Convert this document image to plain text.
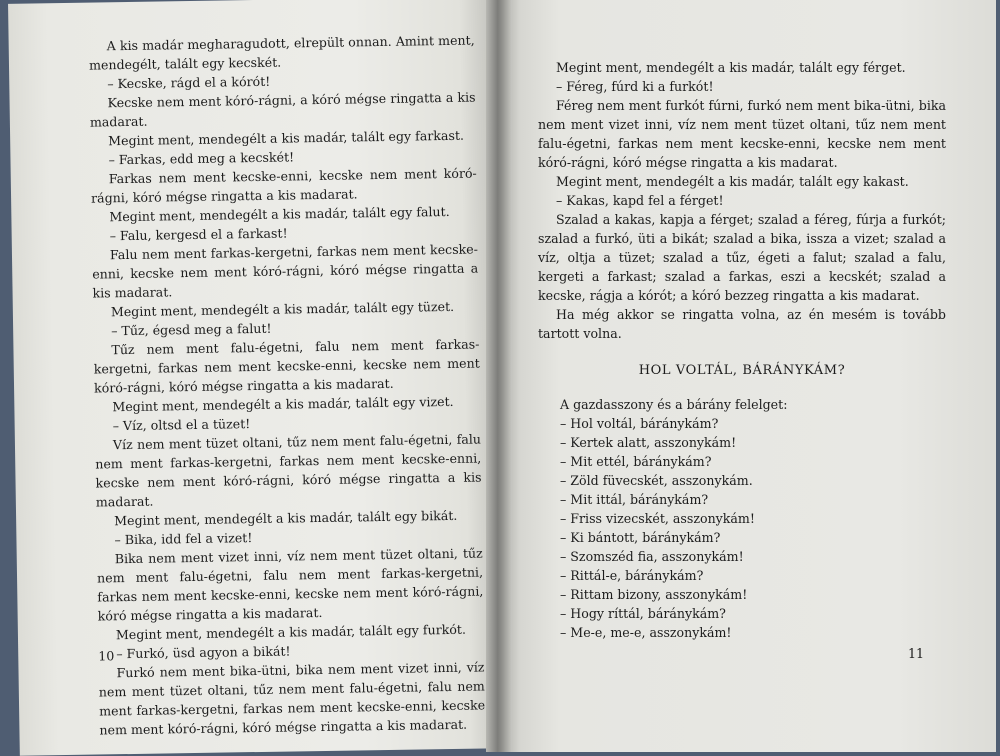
A kis madár megharagudott, elrepült onnan. Amint ment, mendegélt, talált egy kecskét.

– Kecske, rágd el a kórót!

Kecske nem ment kóró-rágni, a kóró mégse ringatta a kis madarat.

Megint ment, mendegélt a kis madár, talált egy farkast.

– Farkas, edd meg a kecskét!

Farkas nem ment kecske-enni, kecske nem ment kóró-rágni, kóró mégse ringatta a kis madarat.

Megint ment, mendegélt a kis madár, talált egy falut.

– Falu, kergesd el a farkast!

Falu nem ment farkas-kergetni, farkas nem ment kecske-enni, kecske nem ment kóró-rágni, kóró mégse ringatta a kis madarat.

Megint ment, mendegélt a kis madár, talált egy tüzet.

– Tűz, égesd meg a falut!

Tűz nem ment falu-égetni, falu nem ment farkas-kergetni, farkas nem ment kecske-enni, kecske nem ment kóró-rágni, kóró mégse ringatta a kis madarat.

Megint ment, mendegélt a kis madár, talált egy vizet.

– Víz, oltsd el a tüzet!

Víz nem ment tüzet oltani, tűz nem ment falu-égetni, falu nem ment farkas-kergetni, farkas nem ment kecske-enni, kecske nem ment kóró-rágni, kóró mégse ringatta a kis madarat.

Megint ment, mendegélt a kis madár, talált egy bikát.

– Bika, idd fel a vizet!

Bika nem ment vizet inni, víz nem ment tüzet oltani, tűz nem ment falu-égetni, falu nem ment farkas-kergetni, farkas nem ment kecske-enni, kecske nem ment kóró-rágni, kóró mégse ringatta a kis madarat.

Megint ment, mendegélt a kis madár, talált egy furkót.

– Furkó, üsd agyon a bikát!

Furkó nem ment bika-ütni, bika nem ment vizet inni, víz nem ment tüzet oltani, tűz nem ment falu-égetni, falu nem ment farkas-kergetni, farkas nem ment kecske-enni, kecske nem ment kóró-rágni, kóró mégse ringatta a kis madarat.

10

Megint ment, mendegélt a kis madár, talált egy férget.

– Féreg, fúrd ki a furkót!

Féreg nem ment furkót fúrni, furkó nem ment bika-ütni, bika nem ment vizet inni, víz nem ment tüzet oltani, tűz nem ment falu-égetni, farkas nem ment kecske-enni, kecske nem ment kóró-rágni, kóró mégse ringatta a kis madarat.

Megint ment, mendegélt a kis madár, talált egy kakast.

– Kakas, kapd fel a férget!

Szalad a kakas, kapja a férget; szalad a féreg, fúrja a furkót; szalad a furkó, üti a bikát; szalad a bika, issza a vizet; szalad a víz, oltja a tüzet; szalad a tűz, égeti a falut; szalad a falu, kergeti a farkast; szalad a farkas, eszi a kecskét; szalad a kecske, rágja a kórót; a kóró bezzeg ringatta a kis madarat.

Ha még akkor se ringatta volna, az én mesém is tovább tartott volna.

HOL VOLTÁL, BÁRÁNYKÁM?

A gazdasszony és a bárány felelget:

– Hol voltál, báránykám?

– Kertek alatt, asszonykám!

– Mit ettél, báránykám?

– Zöld füvecskét, asszonykám.

– Mit ittál, báránykám?

– Friss vizecskét, asszonykám!

– Ki bántott, báránykám?

– Szomszéd fia, asszonykám!

– Rittál-e, báránykám?

– Rittam bizony, asszonykám!

– Hogy ríttál, báránykám?

– Me-e, me-e, asszonykám!

11
